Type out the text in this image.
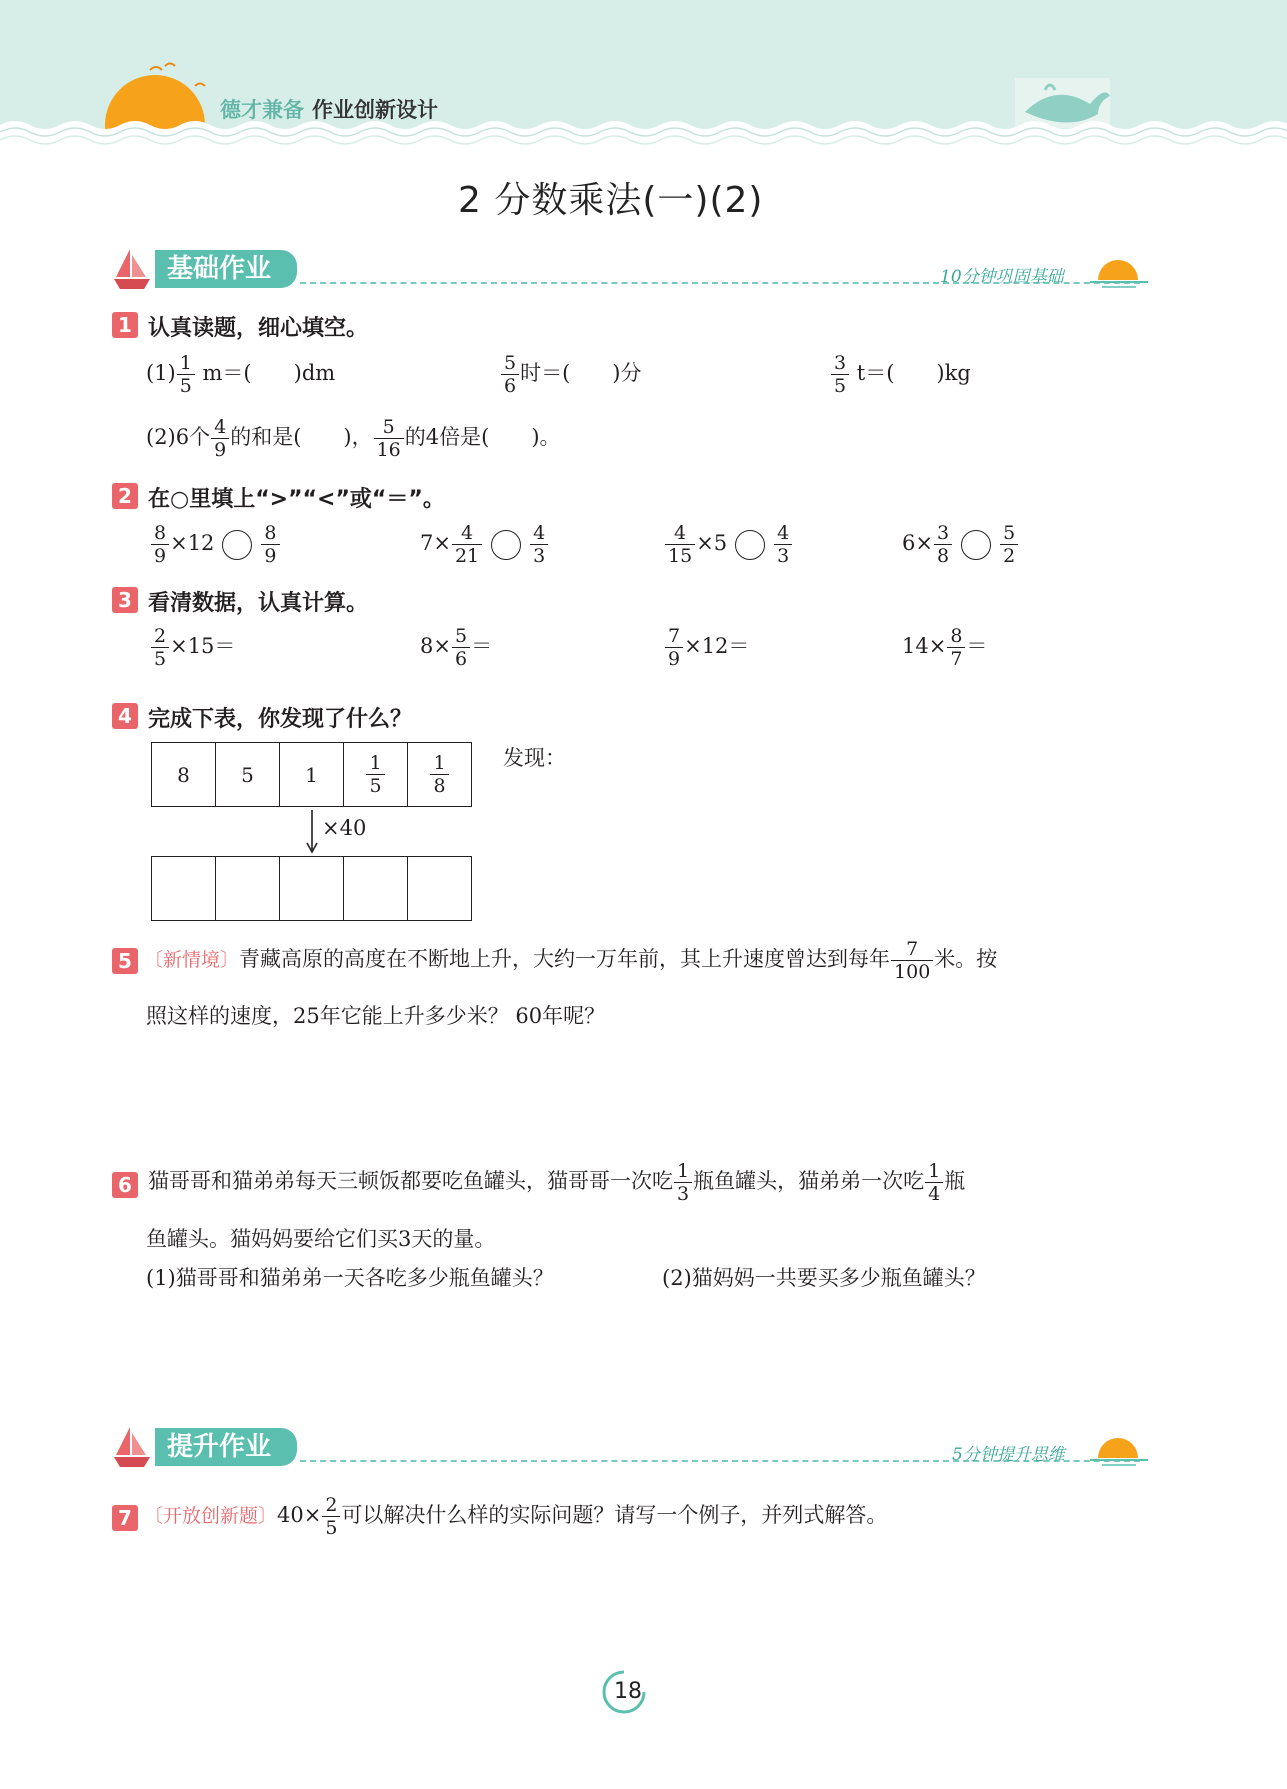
德才兼备 作业创新设计
2 分数乘法(一)(2)
基础作业	10分钟巩固基础
1 认真读题，细心填空。
$(1) \frac{1}{5} m=$(　　)dm	$\frac{5}{6}$ 时＝(　　)分	$\frac{3}{5} t=$(　　)kg
(2)6个 $\frac{4}{9}$ 的和是(　　)， $\frac{5}{16}$ 的4倍是(　　)。
2 在○里填上“>”“<”或“＝”。
$\frac{8}{9} \times 12 \frac{8}{9}$	$7\times \frac{4}{21}$	$\frac{4}{3}$	$\frac{4}{15} \times 5 \frac{4}{3}$	$6\times \frac{3}{8}$	$\frac{5}{2}$
3 看清数据，认真计算。
$\frac{2}{5} \times 15=$	$8\times \frac{5}{6}$ ＝	$\frac{7}{9} \times 12=$	$14\times \frac{8}{7}$ ＝
4 完成下表，你发现了什么？
8	5	1	$\frac{1}{5}$	$\frac{1}{8}$
×40

发现：
5 〔新情境〕青藏高原的高度在不断地上升，大约一万年前，其上升速度曾达到每年 $\frac{7}{100}$ 米。按
照这样的速度，25年它能上升多少米？ 60年呢？
6 猫哥哥和猫弟弟每天三顿饭都要吃鱼罐头，猫哥哥一次吃 $\frac{1}{3}$ 瓶鱼罐头，猫弟弟一次吃 $\frac{1}{4}$ 瓶
鱼罐头。猫妈妈要给它们买3天的量。
(1)猫哥哥和猫弟弟一天各吃多少瓶鱼罐头？	(2)猫妈妈一共要买多少瓶鱼罐头？
提升作业	5分钟提升思维
7 〔开放创新题〕$40\times \frac{2}{5}$ 可以解决什么样的实际问题？请写一个例子，并列式解答。
18
